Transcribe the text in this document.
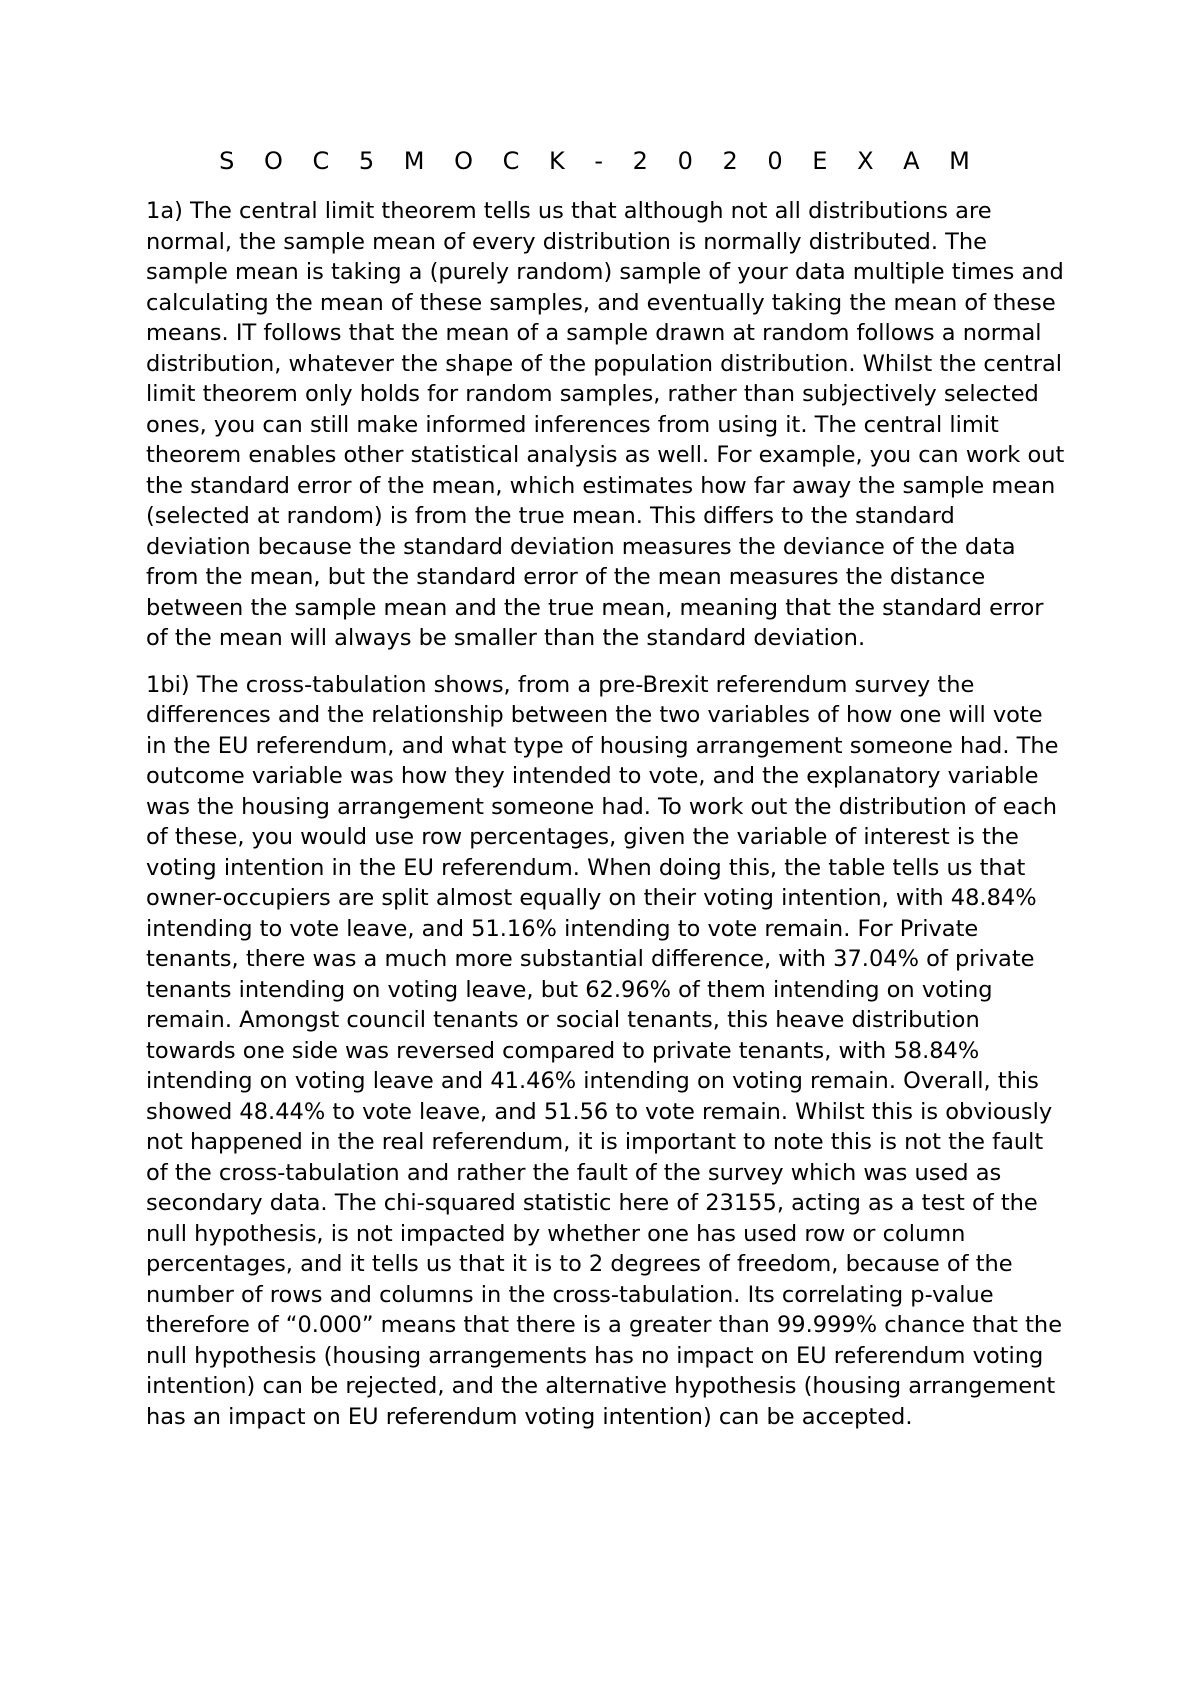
S O C 5 M O C K - 2 0 2 0 E X A M

1a) The central limit theorem tells us that although not all distributions are normal, the sample mean of every distribution is normally distributed. The sample mean is taking a (purely random) sample of your data multiple times and calculating the mean of these samples, and eventually taking the mean of these means. IT follows that the mean of a sample drawn at random follows a normal distribution, whatever the shape of the population distribution. Whilst the central limit theorem only holds for random samples, rather than subjectively selected ones, you can still make informed inferences from using it. The central limit theorem enables other statistical analysis as well. For example, you can work out the standard error of the mean, which estimates how far away the sample mean (selected at random) is from the true mean. This differs to the standard deviation because the standard deviation measures the deviance of the data from the mean, but the standard error of the mean measures the distance between the sample mean and the true mean, meaning that the standard error of the mean will always be smaller than the standard deviation.

1bi) The cross-tabulation shows, from a pre-Brexit referendum survey the differences and the relationship between the two variables of how one will vote in the EU referendum, and what type of housing arrangement someone had. The outcome variable was how they intended to vote, and the explanatory variable was the housing arrangement someone had. To work out the distribution of each of these, you would use row percentages, given the variable of interest is the voting intention in the EU referendum. When doing this, the table tells us that owner-occupiers are split almost equally on their voting intention, with 48.84% intending to vote leave, and 51.16% intending to vote remain. For Private tenants, there was a much more substantial difference, with 37.04% of private tenants intending on voting leave, but 62.96% of them intending on voting remain. Amongst council tenants or social tenants, this heave distribution towards one side was reversed compared to private tenants, with 58.84% intending on voting leave and 41.46% intending on voting remain. Overall, this showed 48.44% to vote leave, and 51.56 to vote remain. Whilst this is obviously not happened in the real referendum, it is important to note this is not the fault of the cross-tabulation and rather the fault of the survey which was used as secondary data. The chi-squared statistic here of 23155, acting as a test of the null hypothesis, is not impacted by whether one has used row or column percentages, and it tells us that it is to 2 degrees of freedom, because of the number of rows and columns in the cross-tabulation. Its correlating p-value therefore of “0.000” means that there is a greater than 99.999% chance that the null hypothesis (housing arrangements has no impact on EU referendum voting intention) can be rejected, and the alternative hypothesis (housing arrangement has an impact on EU referendum voting intention) can be accepted.
